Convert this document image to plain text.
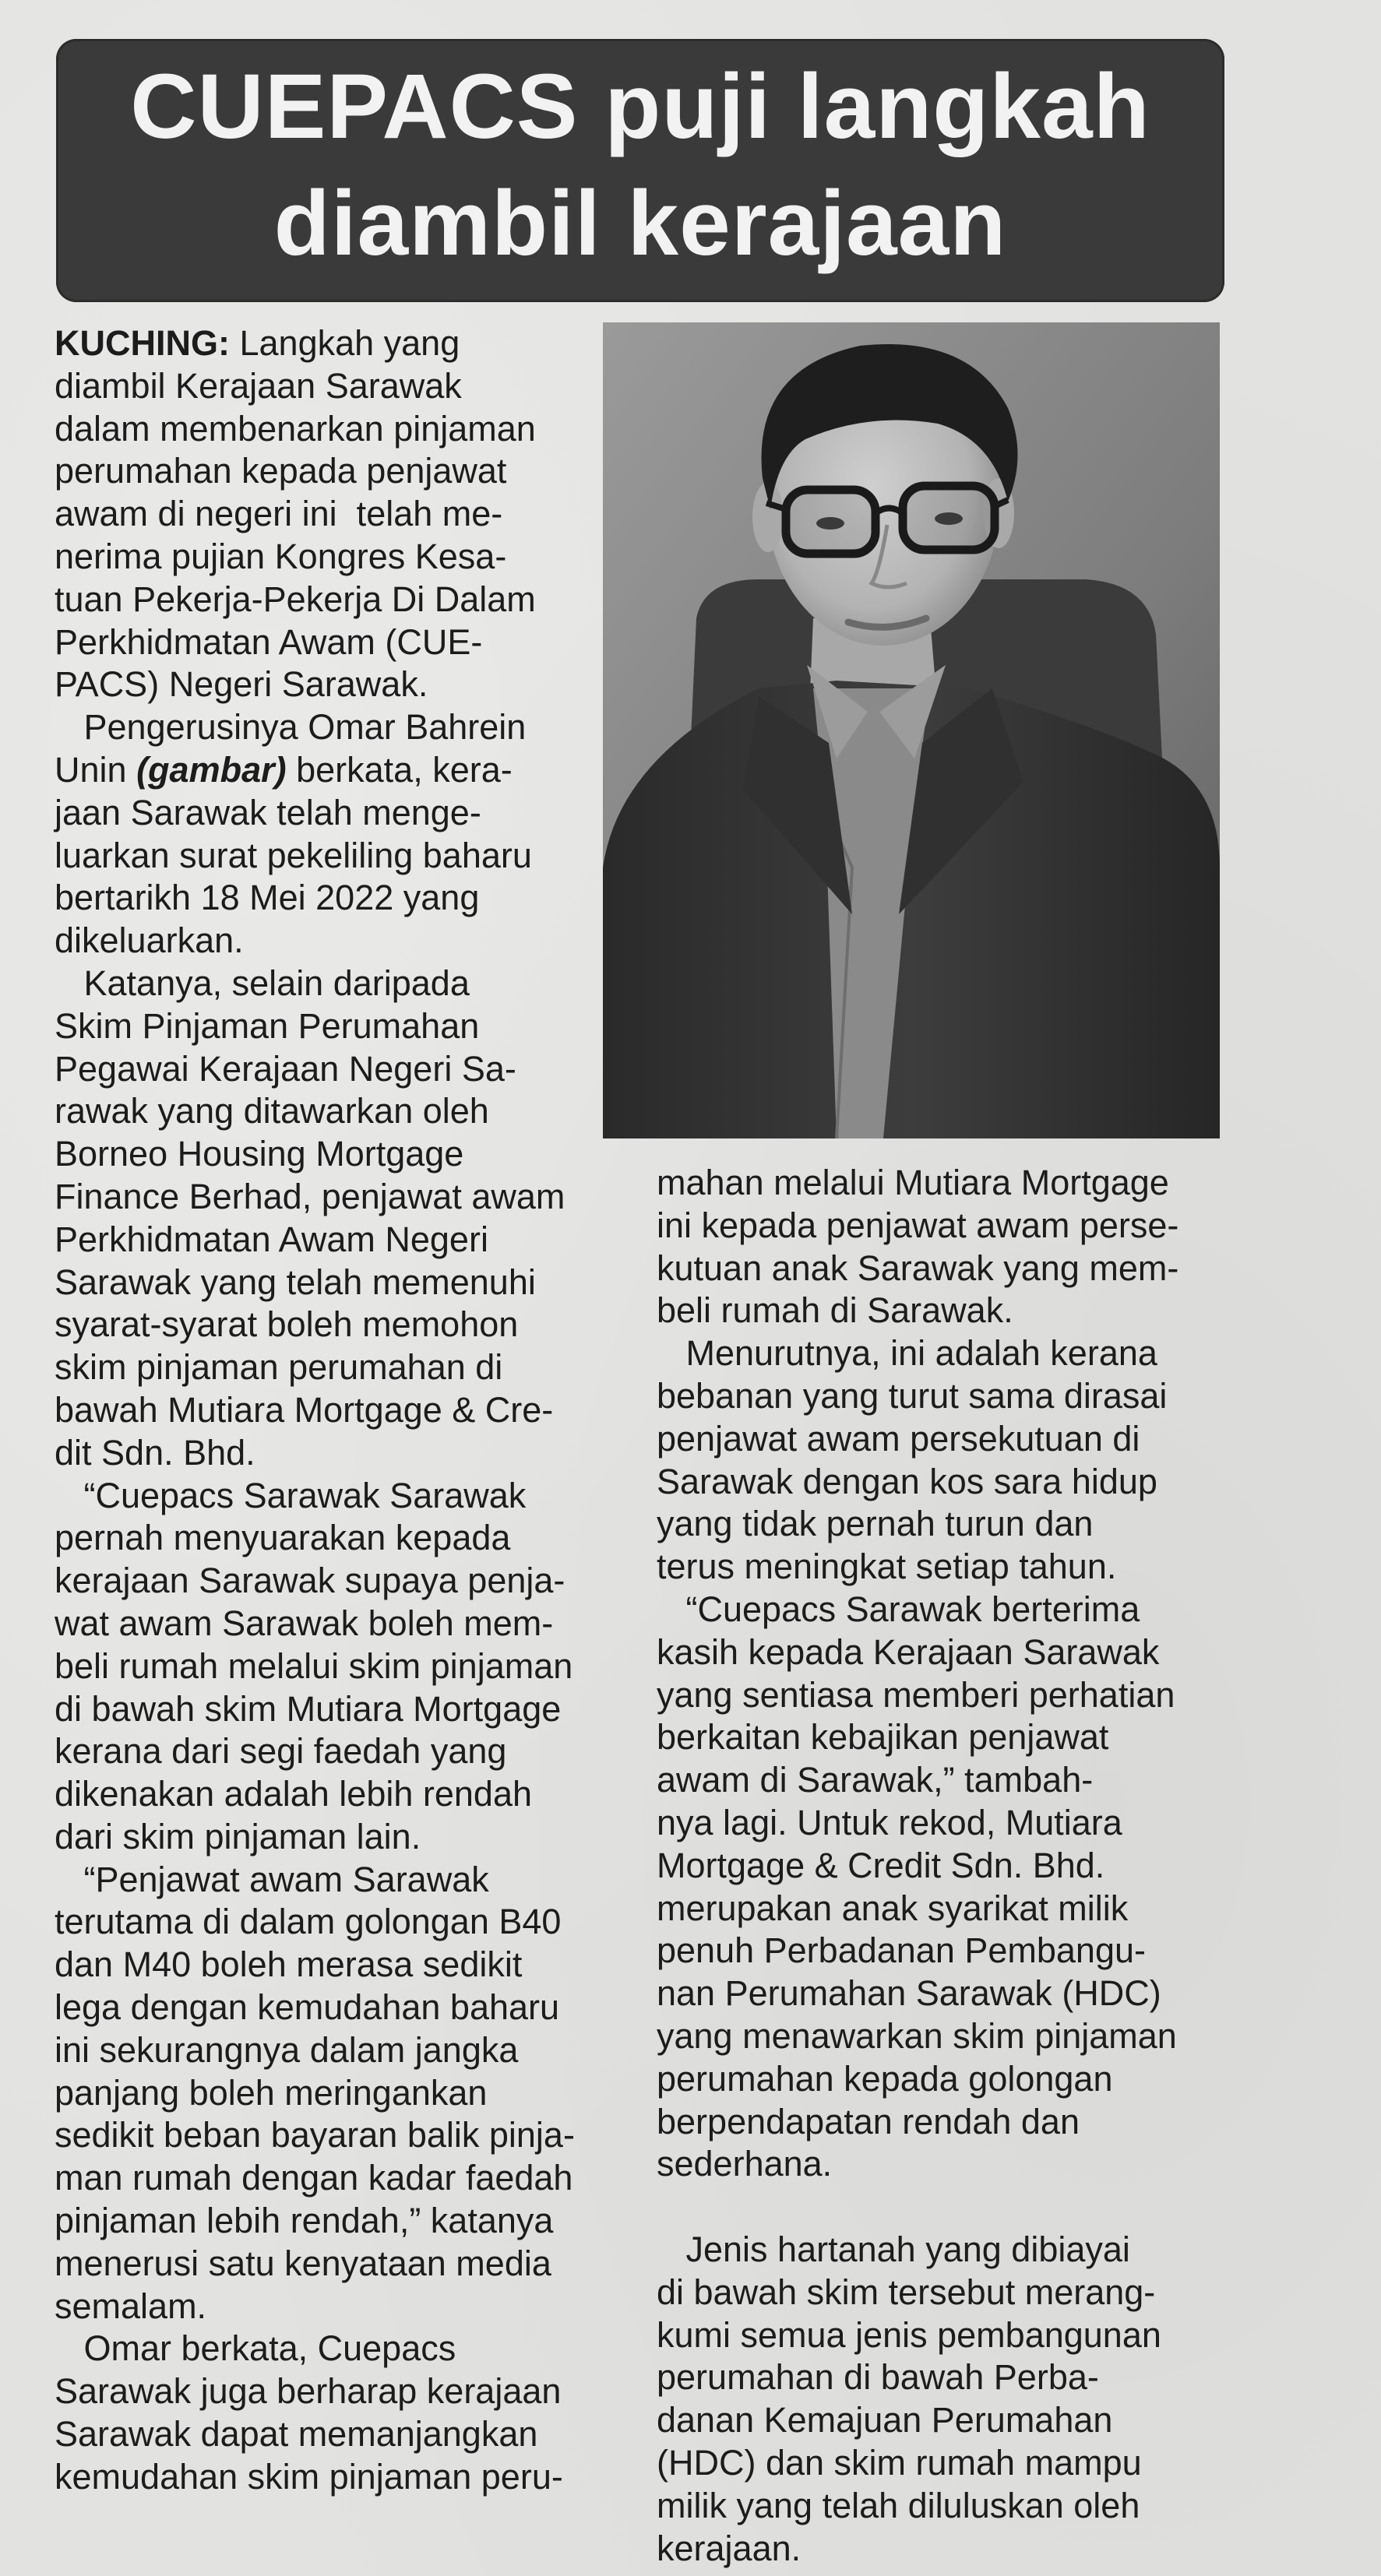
CUEPACS puji langkah
diambil kerajaan
KUCHING: Langkah yang
diambil Kerajaan Sarawak
dalam membenarkan pinjaman
perumahan kepada penjawat
awam di negeri ini  telah me-
nerima pujian Kongres Kesa-
tuan Pekerja-Pekerja Di Dalam
Perkhidmatan Awam (CUE-
PACS) Negeri Sarawak.
Pengerusinya Omar Bahrein
Unin (gambar) berkata, kera-
jaan Sarawak telah menge-
luarkan surat pekeliling baharu
bertarikh 18 Mei 2022 yang
dikeluarkan.
Katanya, selain daripada
Skim Pinjaman Perumahan
Pegawai Kerajaan Negeri Sa-
rawak yang ditawarkan oleh
Borneo Housing Mortgage
Finance Berhad, penjawat awam
Perkhidmatan Awam Negeri
Sarawak yang telah memenuhi
syarat-syarat boleh memohon
skim pinjaman perumahan di
bawah Mutiara Mortgage & Cre-
dit Sdn. Bhd.
“Cuepacs Sarawak Sarawak
pernah menyuarakan kepada
kerajaan Sarawak supaya penja-
wat awam Sarawak boleh mem-
beli rumah melalui skim pinjaman
di bawah skim Mutiara Mortgage
kerana dari segi faedah yang
dikenakan adalah lebih rendah
dari skim pinjaman lain.
“Penjawat awam Sarawak
terutama di dalam golongan B40
dan M40 boleh merasa sedikit
lega dengan kemudahan baharu
ini sekurangnya dalam jangka
panjang boleh meringankan
sedikit beban bayaran balik pinja-
man rumah dengan kadar faedah
pinjaman lebih rendah,” katanya
menerusi satu kenyataan media
semalam.
Omar berkata, Cuepacs
Sarawak juga berharap kerajaan
Sarawak dapat memanjangkan
kemudahan skim pinjaman peru-
mahan melalui Mutiara Mortgage
ini kepada penjawat awam perse-
kutuan anak Sarawak yang mem-
beli rumah di Sarawak.
Menurutnya, ini adalah kerana
bebanan yang turut sama dirasai
penjawat awam persekutuan di
Sarawak dengan kos sara hidup
yang tidak pernah turun dan
terus meningkat setiap tahun.
“Cuepacs Sarawak berterima
kasih kepada Kerajaan Sarawak
yang sentiasa memberi perhatian
berkaitan kebajikan penjawat
awam di Sarawak,” tambah-
nya lagi. Untuk rekod, Mutiara
Mortgage & Credit Sdn. Bhd.
merupakan anak syarikat milik
penuh Perbadanan Pembangu-
nan Perumahan Sarawak (HDC)
yang menawarkan skim pinjaman
perumahan kepada golongan
berpendapatan rendah dan
sederhana.

Jenis hartanah yang dibiayai
di bawah skim tersebut merang-
kumi semua jenis pembangunan
perumahan di bawah Perba-
danan Kemajuan Perumahan
(HDC) dan skim rumah mampu
milik yang telah diluluskan oleh
kerajaan.
